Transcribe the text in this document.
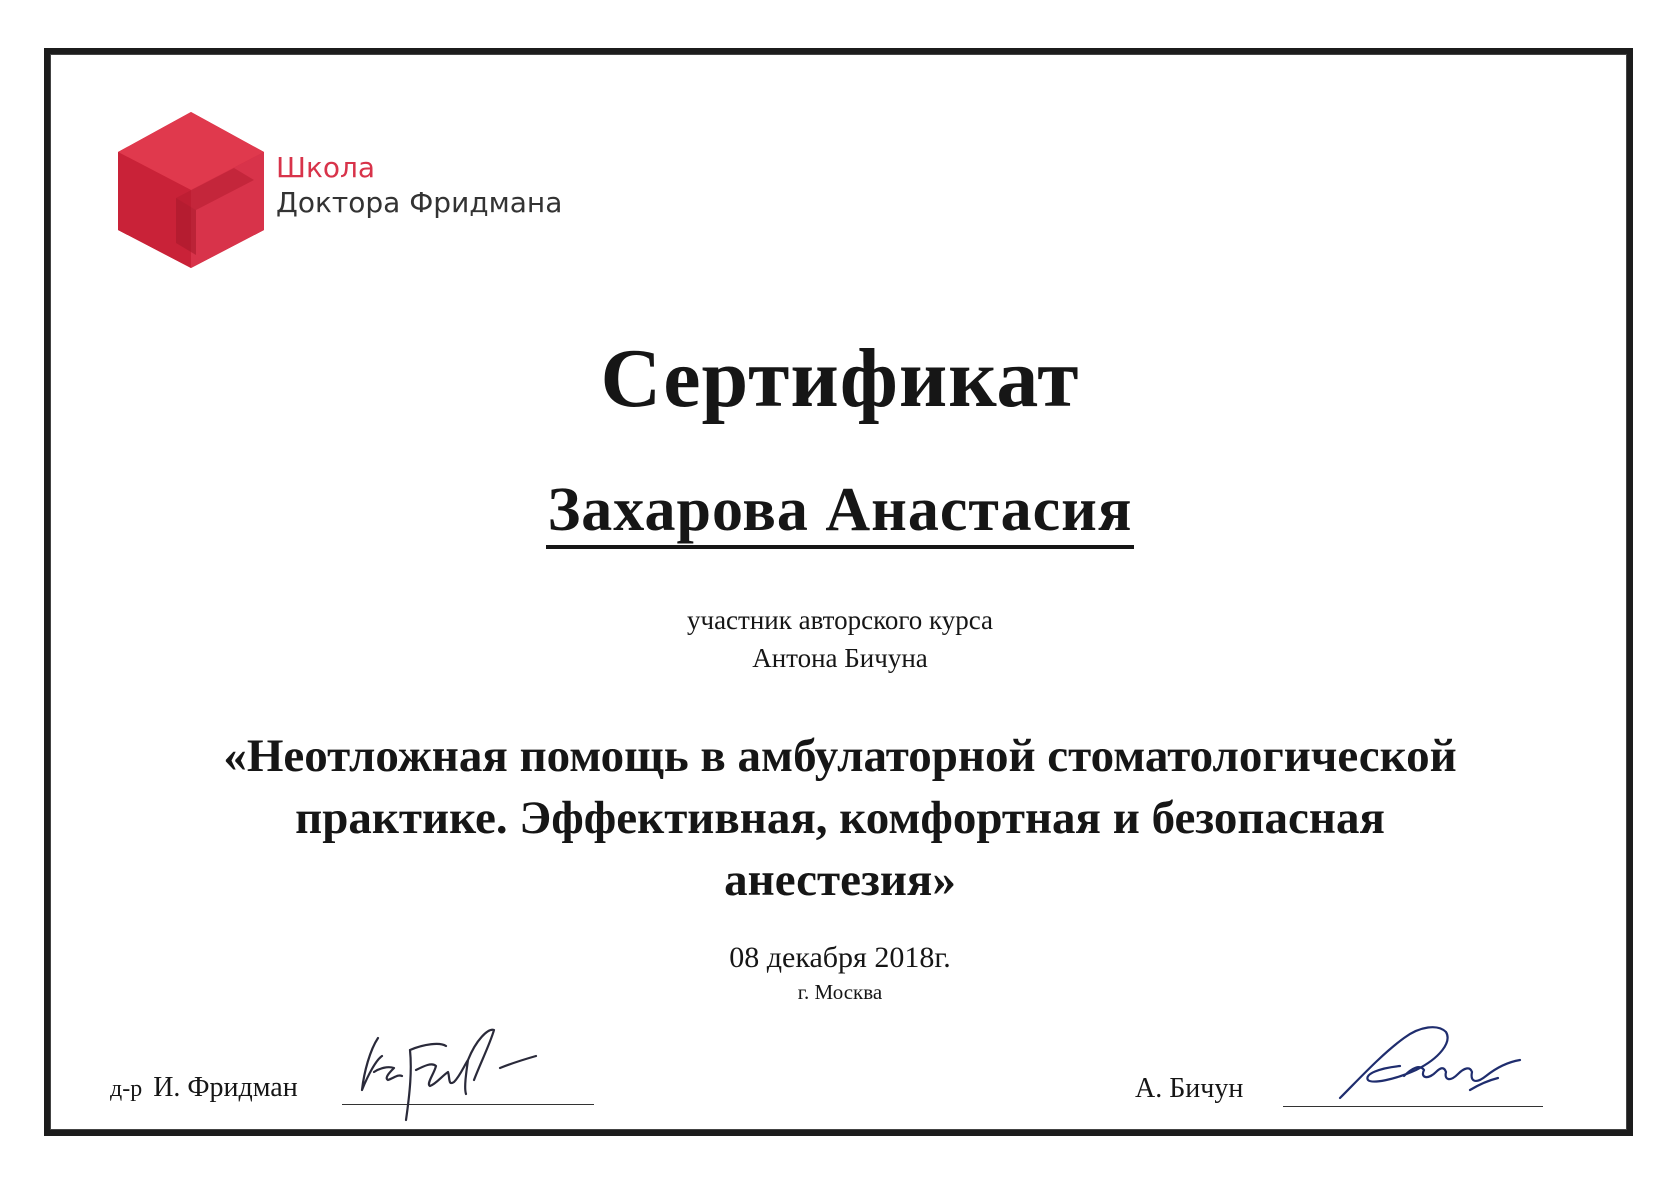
Школа
Доктора Фридмана
Сертификат
Захарова Анастасия
участник авторского курса
Антона Бичуна
«Неотложная помощь в амбулаторной стоматологической
практике. Эффективная, комфортная и безопасная
анестезия»
08 декабря 2018г.
г. Москва
д-р И. Фридман	А. Бичун
